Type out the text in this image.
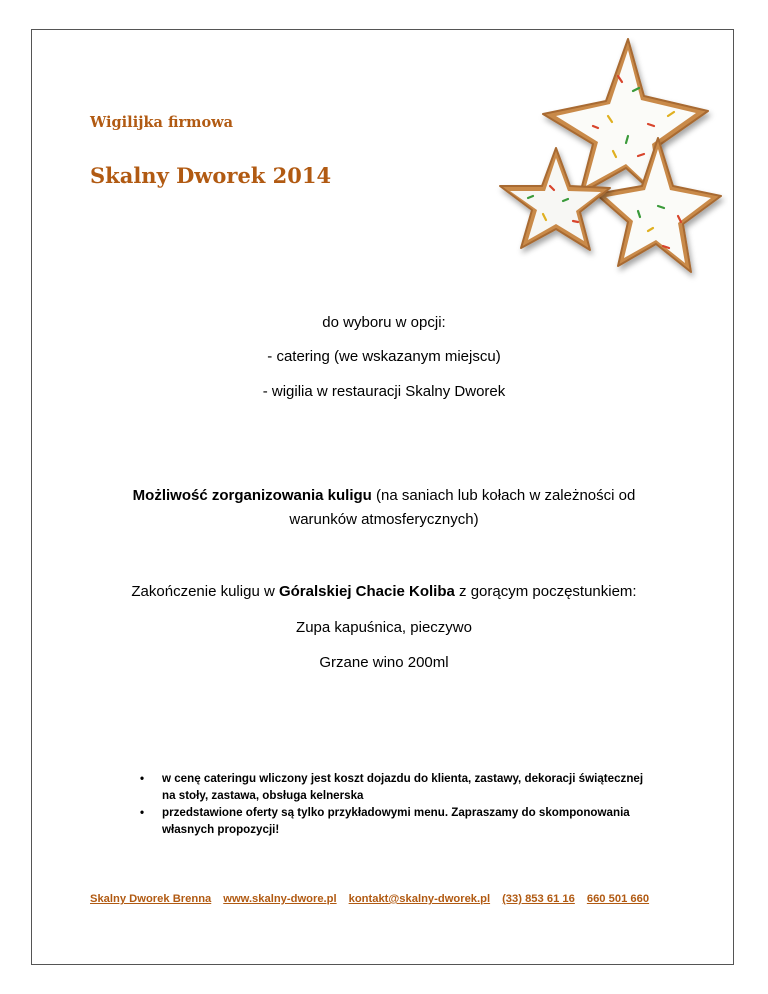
Wigilijka firmowa
Skalny Dworek 2014
do wyboru w opcji:
- catering (we wskazanym miejscu)
- wigilia w restauracji Skalny Dworek
Możliwość zorganizowania kuligu (na saniach lub kołach w zależności od
warunków atmosferycznych)
Zakończenie kuligu w Góralskiej Chacie Koliba z gorącym poczęstunkiem:
Zupa kapuśnica, pieczywo
Grzane wino 200ml
• w cenę cateringu wliczony jest koszt dojazdu do klienta, zastawy, dekoracji świątecznej
na stoły, zastawa, obsługa kelnerska
• przedstawione oferty są tylko przykładowymi menu. Zapraszamy do skomponowania
własnych propozycji!
Skalny Dworek Brenna www.skalny-dwore.pl kontakt@skalny-dworek.pl (33) 853 61 16 660 501 660
